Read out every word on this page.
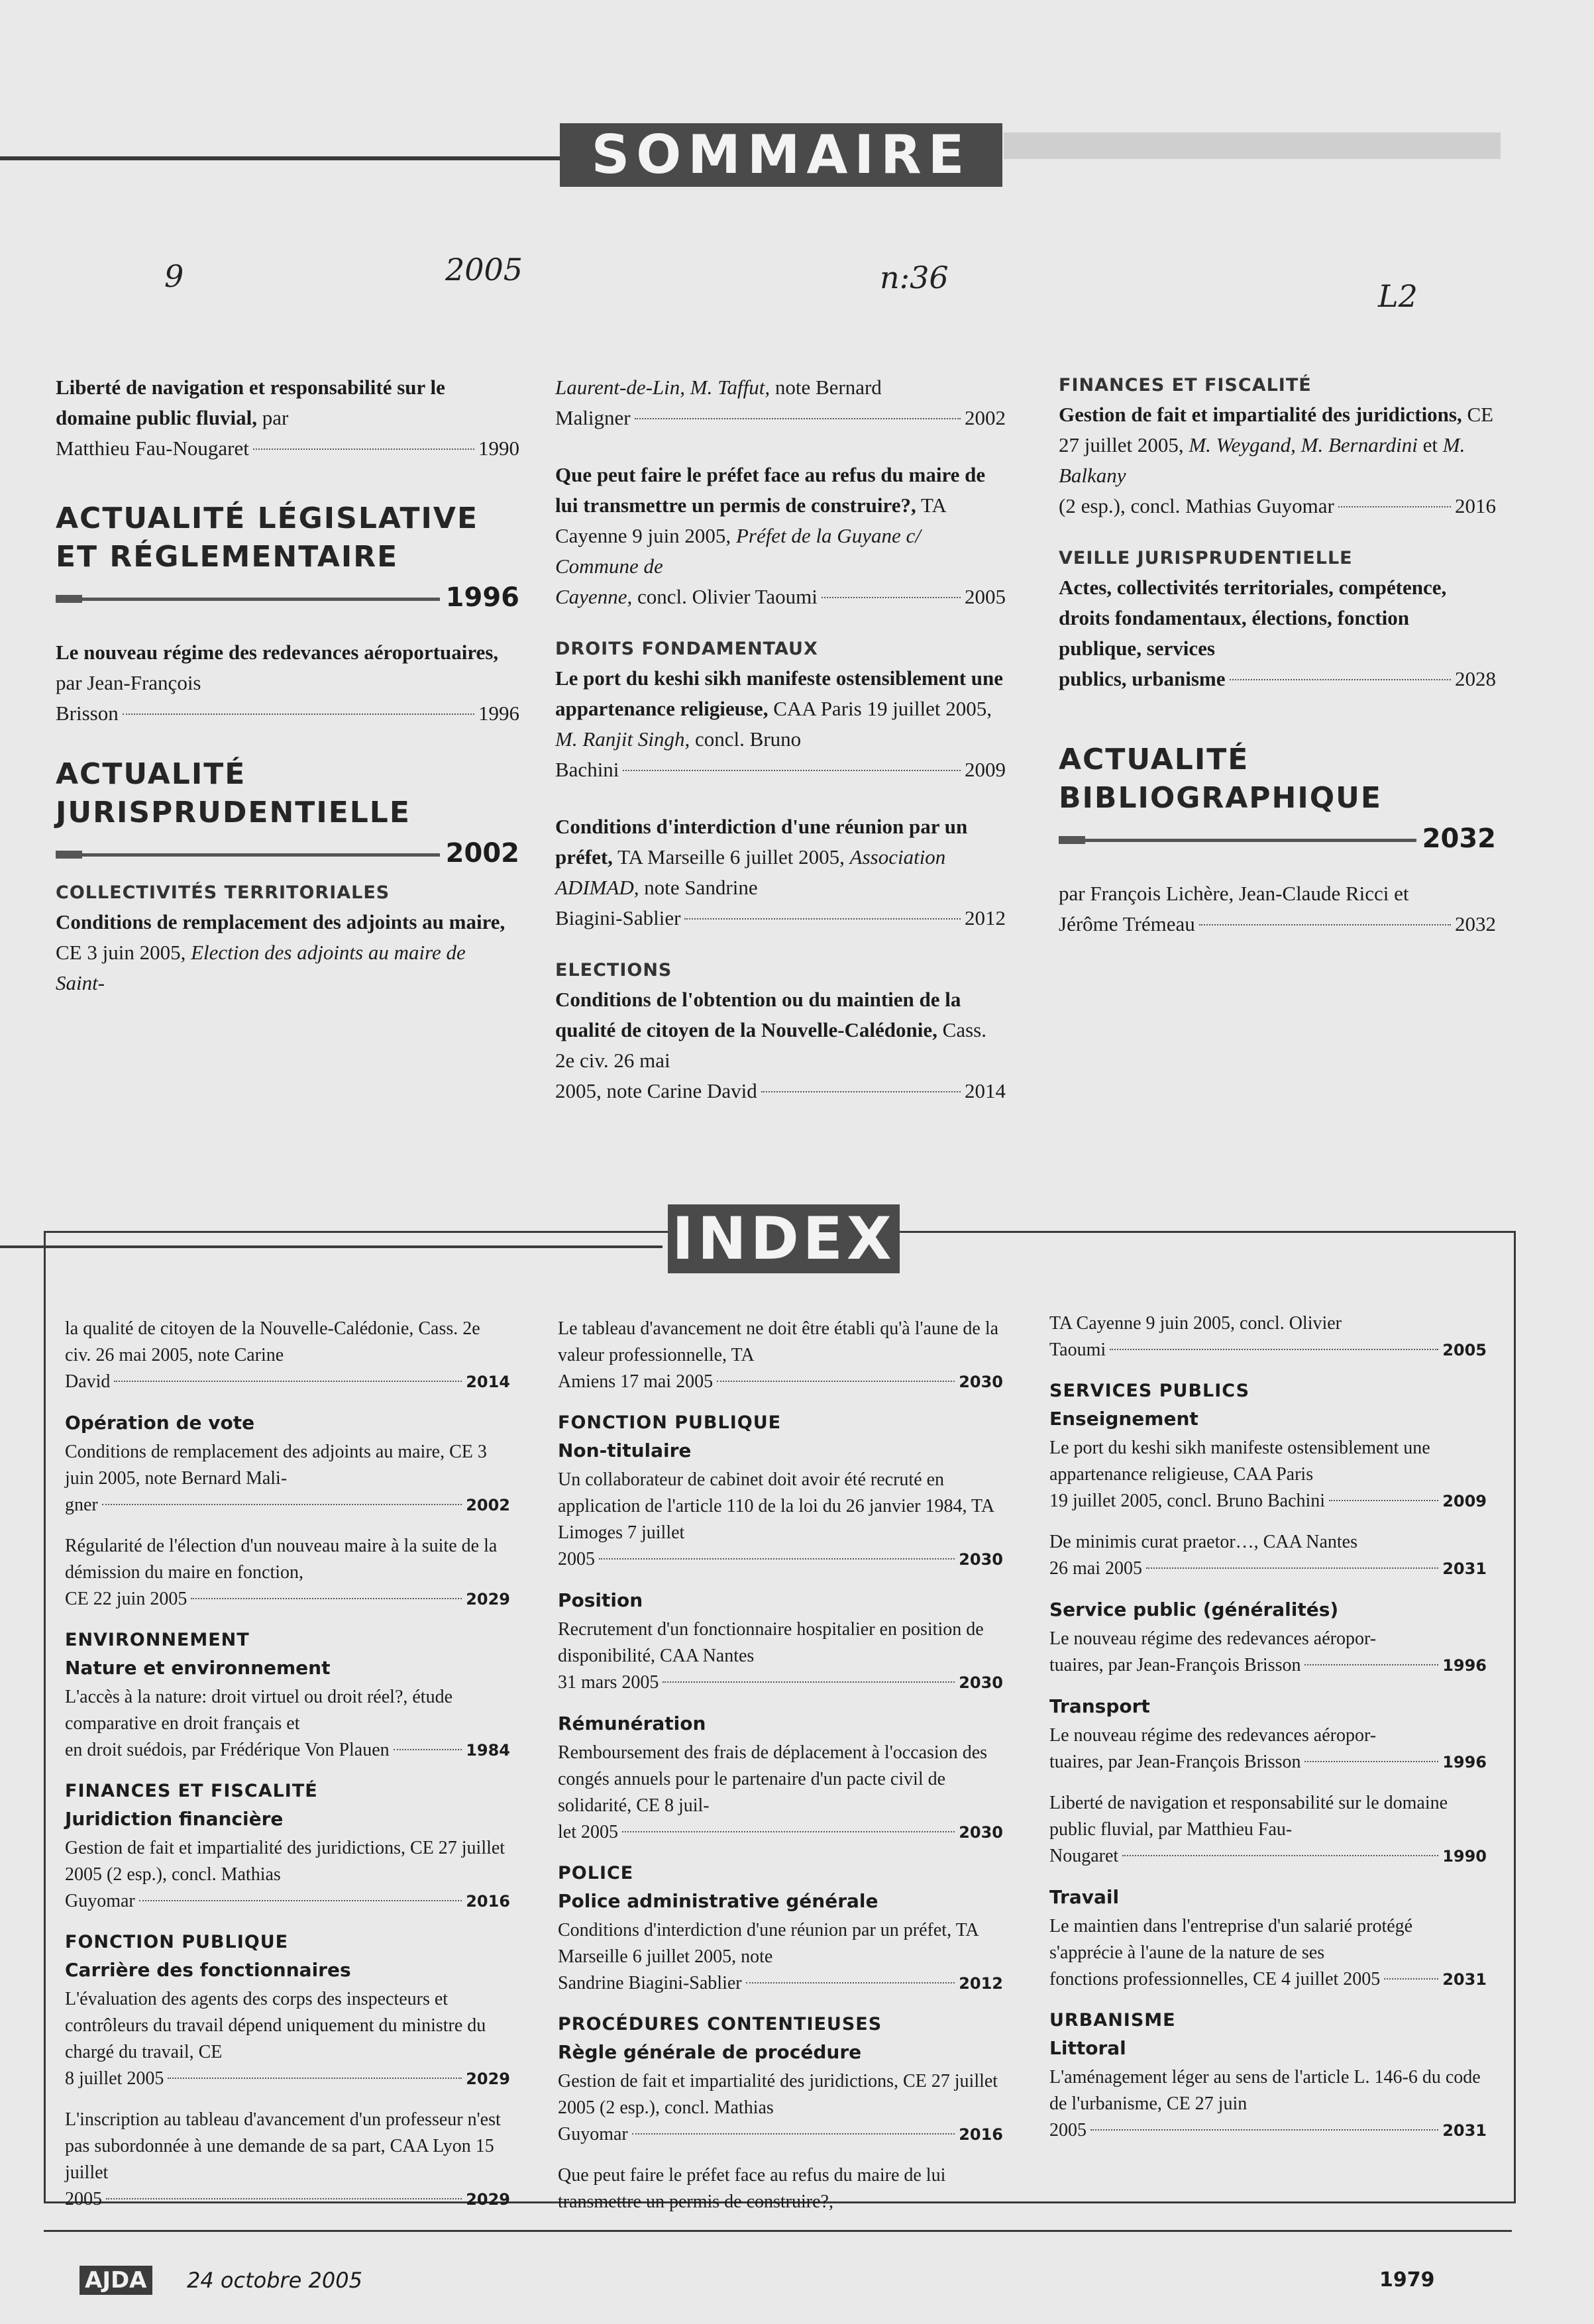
SOMMAIRE
9	2005	n:36
L2
Liberté de navigation et responsabilité sur le domaine public fluvial, par
Matthieu Fau-Nougaret	1990
ACTUALITÉ LÉGISLATIVE
ET RÉGLEMENTAIRE
1996
Le nouveau régime des redevances aéroportuaires, par Jean-François
Brisson	1996
ACTUALITÉ
JURISPRUDENTIELLE
2002
COLLECTIVITÉS TERRITORIALES
Conditions de remplacement des adjoints au maire, CE 3 juin 2005, Election des adjoints au maire de Saint-
Laurent-de-Lin, M. Taffut, note Bernard
Maligner	2002
Que peut faire le préfet face au refus du maire de lui transmettre un permis de construire?, TA Cayenne 9 juin 2005, Préfet de la Guyane c/ Commune de
Cayenne, concl. Olivier Taoumi	2005
DROITS FONDAMENTAUX
Le port du keshi sikh manifeste ostensiblement une appartenance religieuse, CAA Paris 19 juillet 2005, M. Ranjit Singh, concl. Bruno
Bachini	2009
Conditions d'interdiction d'une réunion par un préfet, TA Marseille 6 juillet 2005, Association ADIMAD, note Sandrine
Biagini-Sablier	2012
ELECTIONS
Conditions de l'obtention ou du maintien de la qualité de citoyen de la Nouvelle-Calédonie, Cass. 2e civ. 26 mai
2005, note Carine David	2014
FINANCES ET FISCALITÉ
Gestion de fait et impartialité des juridictions, CE 27 juillet 2005, M. Weygand, M. Bernardini et M. Balkany
(2 esp.), concl. Mathias Guyomar	2016
VEILLE JURISPRUDENTIELLE
Actes, collectivités territoriales, compétence, droits fondamentaux, élections, fonction publique, services
publics, urbanisme	2028
ACTUALITÉ
BIBLIOGRAPHIQUE
2032
par François Lichère, Jean-Claude Ricci et
Jérôme Trémeau	2032
INDEX
la qualité de citoyen de la Nouvelle-Calédonie, Cass. 2e civ. 26 mai 2005, note Carine
David	2014
Opération de vote
Conditions de remplacement des adjoints au maire, CE 3 juin 2005, note Bernard Mali-
gner	2002
Régularité de l'élection d'un nouveau maire à la suite de la démission du maire en fonction,
CE 22 juin 2005	2029
ENVIRONNEMENT
Nature et environnement
L'accès à la nature: droit virtuel ou droit réel?, étude comparative en droit français et
en droit suédois, par Frédérique Von Plauen	1984
FINANCES ET FISCALITÉ
Juridiction financière
Gestion de fait et impartialité des juridictions, CE 27 juillet 2005 (2 esp.), concl. Mathias
Guyomar	2016
FONCTION PUBLIQUE
Carrière des fonctionnaires
L'évaluation des agents des corps des inspecteurs et contrôleurs du travail dépend uniquement du ministre du chargé du travail, CE
8 juillet 2005	2029
L'inscription au tableau d'avancement d'un professeur n'est pas subordonnée à une demande de sa part, CAA Lyon 15 juillet
2005	2029
Le tableau d'avancement ne doit être établi qu'à l'aune de la valeur professionnelle, TA
Amiens 17 mai 2005	2030
FONCTION PUBLIQUE
Non-titulaire
Un collaborateur de cabinet doit avoir été recruté en application de l'article 110 de la loi du 26 janvier 1984, TA Limoges 7 juillet
2005	2030
Position
Recrutement d'un fonctionnaire hospitalier en position de disponibilité, CAA Nantes
31 mars 2005	2030
Rémunération
Remboursement des frais de déplacement à l'occasion des congés annuels pour le partenaire d'un pacte civil de solidarité, CE 8 juil-
let 2005	2030
POLICE
Police administrative générale
Conditions d'interdiction d'une réunion par un préfet, TA Marseille 6 juillet 2005, note
Sandrine Biagini-Sablier	2012
PROCÉDURES CONTENTIEUSES
Règle générale de procédure
Gestion de fait et impartialité des juridictions, CE 27 juillet 2005 (2 esp.), concl. Mathias
Guyomar	2016
Que peut faire le préfet face au refus du maire de lui transmettre un permis de construire?,
TA Cayenne 9 juin 2005, concl. Olivier
Taoumi	2005
SERVICES PUBLICS
Enseignement
Le port du keshi sikh manifeste ostensiblement une appartenance religieuse, CAA Paris
19 juillet 2005, concl. Bruno Bachini	2009
De minimis curat praetor…, CAA Nantes
26 mai 2005	2031
Service public (généralités)
Le nouveau régime des redevances aéropor-
tuaires, par Jean-François Brisson	1996
Transport
Le nouveau régime des redevances aéropor-
tuaires, par Jean-François Brisson	1996
Liberté de navigation et responsabilité sur le domaine public fluvial, par Matthieu Fau-
Nougaret	1990
Travail
Le maintien dans l'entreprise d'un salarié protégé s'apprécie à l'aune de la nature de ses
fonctions professionnelles, CE 4 juillet 2005	2031
URBANISME
Littoral
L'aménagement léger au sens de l'article L. 146-6 du code de l'urbanisme, CE 27 juin
2005	2031
AJDA 24 octobre 2005	1979
